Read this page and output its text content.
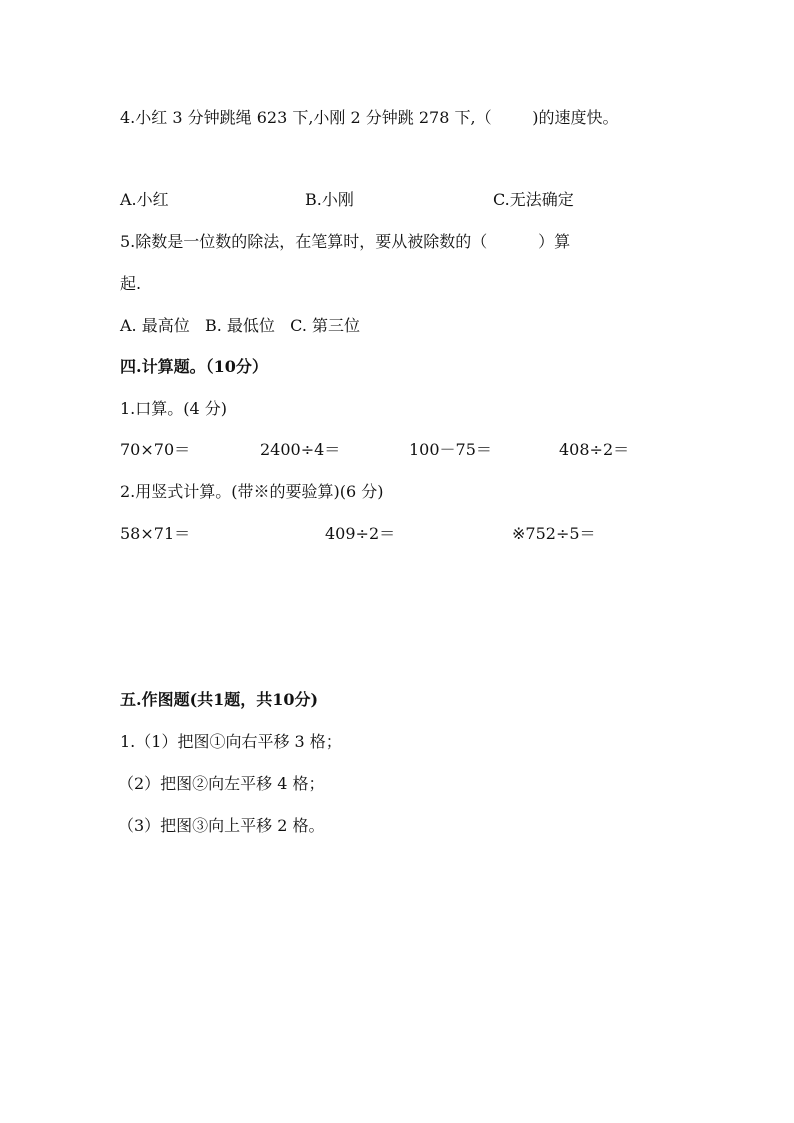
4.小红 3 分钟跳绳 623 下,小刚 2 分钟跳 278 下,（        )的速度快。
A.小红	B.小刚	C.无法确定
5.除数是一位数的除法，在笔算时，要从被除数的（          ）算
起.
A. 最高位   B. 最低位   C. 第三位
四.计算题。（10分）
1.口算。(4 分)
70×70＝	2400÷4＝	100－75＝	408÷2＝
2.用竖式计算。(带※的要验算)(6 分)
58×71＝	409÷2＝	※752÷5＝
五.作图题(共1题，共10分)
1.（1）把图①向右平移 3 格；
（2）把图②向左平移 4 格；
（3）把图③向上平移 2 格。
